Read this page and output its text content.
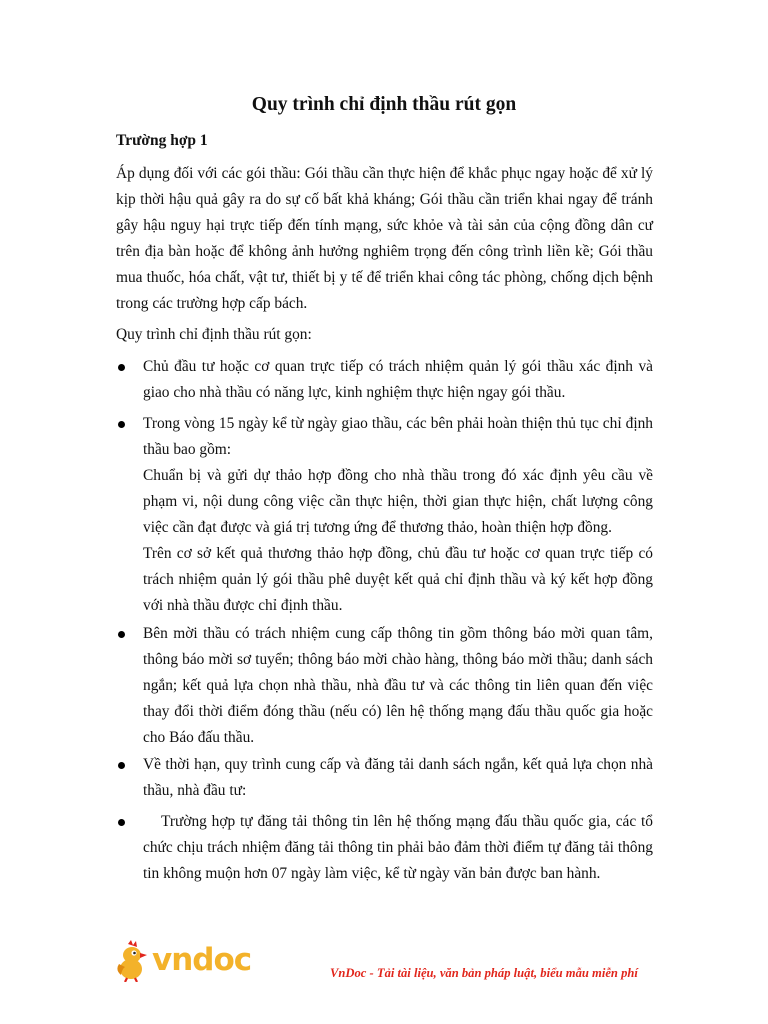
Quy trình chỉ định thầu rút gọn
Trường hợp 1

Áp dụng đối với các gói thầu: Gói thầu cần thực hiện để khắc phục ngay hoặc để xử lý kịp thời hậu quả gây ra do sự cố bất khả kháng; Gói thầu cần triển khai ngay để tránh gây hậu nguy hại trực tiếp đến tính mạng, sức khỏe và tài sản của cộng đồng dân cư trên địa bàn hoặc để không ảnh hưởng nghiêm trọng đến công trình liền kề; Gói thầu mua thuốc, hóa chất, vật tư, thiết bị y tế để triển khai công tác phòng, chống dịch bệnh trong các trường hợp cấp bách.

Quy trình chỉ định thầu rút gọn:

Chủ đầu tư hoặc cơ quan trực tiếp có trách nhiệm quản lý gói thầu xác định và giao cho nhà thầu có năng lực, kinh nghiệm thực hiện ngay gói thầu.

Trong vòng 15 ngày kể từ ngày giao thầu, các bên phải hoàn thiện thủ tục chỉ định thầu bao gồm:

Chuẩn bị và gửi dự thảo hợp đồng cho nhà thầu trong đó xác định yêu cầu về phạm vi, nội dung công việc cần thực hiện, thời gian thực hiện, chất lượng công việc cần đạt được và giá trị tương ứng để thương thảo, hoàn thiện hợp đồng.

Trên cơ sở kết quả thương thảo hợp đồng, chủ đầu tư hoặc cơ quan trực tiếp có trách nhiệm quản lý gói thầu phê duyệt kết quả chỉ định thầu và ký kết hợp đồng với nhà thầu được chỉ định thầu.

Bên mời thầu có trách nhiệm cung cấp thông tin gồm thông báo mời quan tâm, thông báo mời sơ tuyển; thông báo mời chào hàng, thông báo mời thầu; danh sách ngắn; kết quả lựa chọn nhà thầu, nhà đầu tư và các thông tin liên quan đến việc thay đổi thời điểm đóng thầu (nếu có) lên hệ thống mạng đấu thầu quốc gia hoặc cho Báo đấu thầu.

Về thời hạn, quy trình cung cấp và đăng tải danh sách ngắn, kết quả lựa chọn nhà thầu, nhà đầu tư:

Trường hợp tự đăng tải thông tin lên hệ thống mạng đấu thầu quốc gia, các tổ chức chịu trách nhiệm đăng tải thông tin phải bảo đảm thời điểm tự đăng tải thông tin không muộn hơn 07 ngày làm việc, kể từ ngày văn bản được ban hành.

vndoc	VnDoc - Tải tài liệu, văn bản pháp luật, biểu mẫu miễn phí
